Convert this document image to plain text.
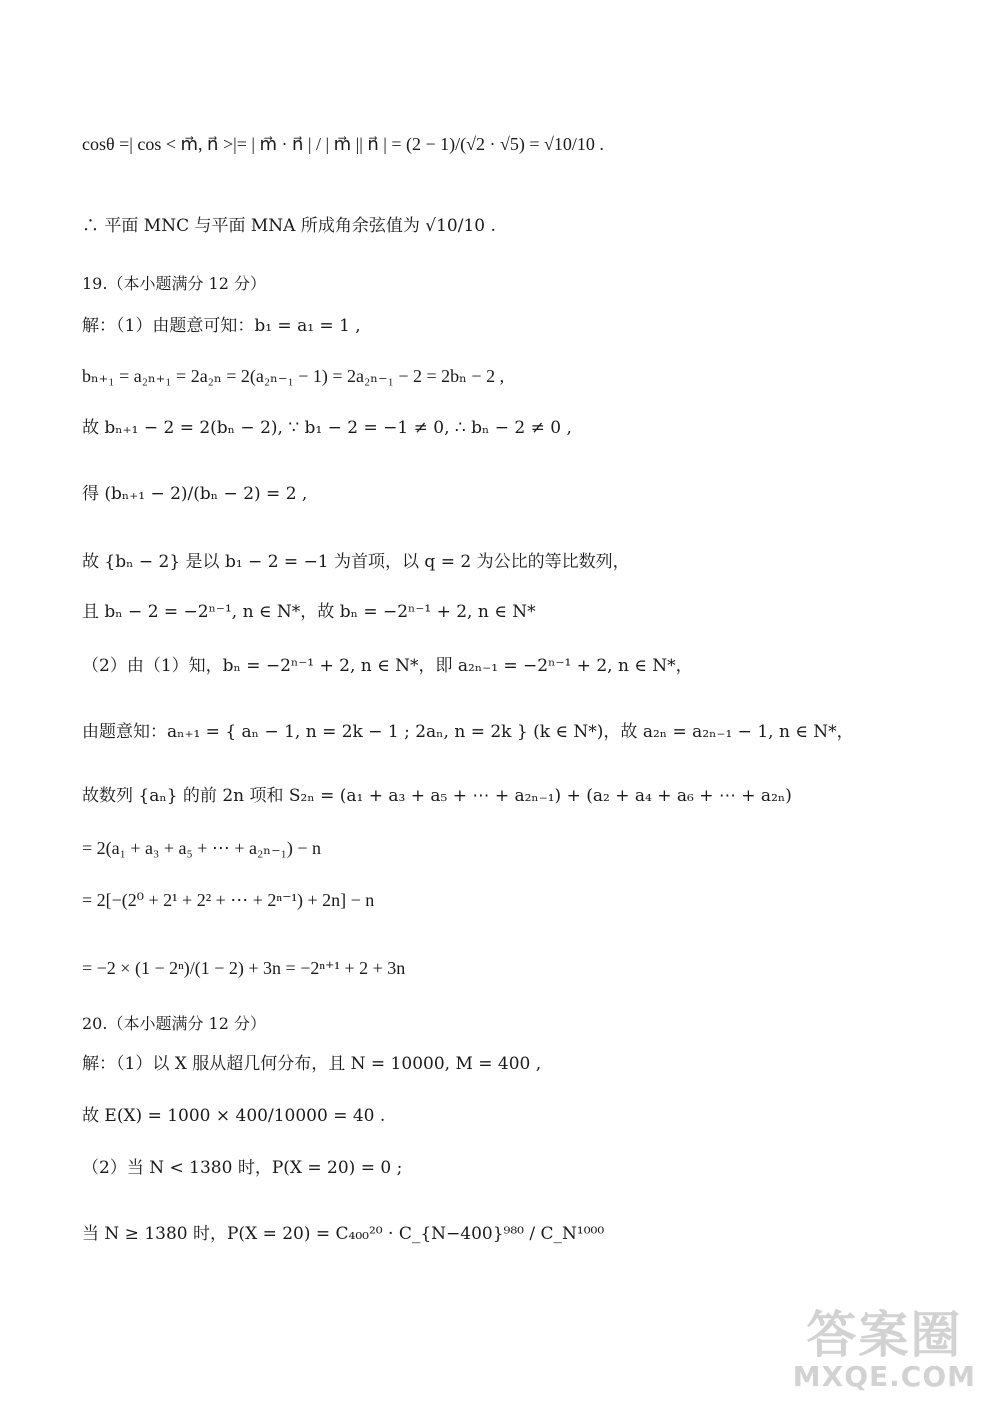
cosθ =| cos < m⃗, n⃗ >|= | m⃗ · n⃗ | / | m⃗ || n⃗ | = (2 − 1)/(√2 · √5) = √10/10 .
∴ 平面 MNC 与平面 MNA 所成角余弦值为 √10/10 .
19.（本小题满分 12 分）
解：（1）由题意可知：b₁ = a₁ = 1 ,
bₙ₊₁ = a₂ₙ₊₁ = 2a₂ₙ = 2(a₂ₙ₋₁ − 1) = 2a₂ₙ₋₁ − 2 = 2bₙ − 2 ,
故 bₙ₊₁ − 2 = 2(bₙ − 2), ∵ b₁ − 2 = −1 ≠ 0, ∴ bₙ − 2 ≠ 0 ,
得 (bₙ₊₁ − 2)/(bₙ − 2) = 2 ,
故 {bₙ − 2} 是以 b₁ − 2 = −1 为首项，以 q = 2 为公比的等比数列，
且 bₙ − 2 = −2ⁿ⁻¹, n ∈ N*，故 bₙ = −2ⁿ⁻¹ + 2, n ∈ N*
（2）由（1）知，bₙ = −2ⁿ⁻¹ + 2, n ∈ N*，即 a₂ₙ₋₁ = −2ⁿ⁻¹ + 2, n ∈ N*，
由题意知：aₙ₊₁ = { aₙ − 1, n = 2k − 1 ; 2aₙ, n = 2k } (k ∈ N*)，故 a₂ₙ = a₂ₙ₋₁ − 1, n ∈ N*，
故数列 {aₙ} 的前 2n 项和 S₂ₙ = (a₁ + a₃ + a₅ + ⋯ + a₂ₙ₋₁) + (a₂ + a₄ + a₆ + ⋯ + a₂ₙ)
= 2(a₁ + a₃ + a₅ + ⋯ + a₂ₙ₋₁) − n
= 2[−(2⁰ + 2¹ + 2² + ⋯ + 2ⁿ⁻¹) + 2n] − n
= −2 × (1 − 2ⁿ)/(1 − 2) + 3n = −2ⁿ⁺¹ + 2 + 3n
20.（本小题满分 12 分）
解：（1）以 X 服从超几何分布，且 N = 10000, M = 400 ,
故 E(X) = 1000 × 400/10000 = 40 .
（2）当 N < 1380 时，P(X = 20) = 0 ;
当 N ≥ 1380 时，P(X = 20) = C₄₀₀²⁰ · C_{N−400}⁹⁸⁰ / C_N¹⁰⁰⁰
答案圈
MXQE.COM
